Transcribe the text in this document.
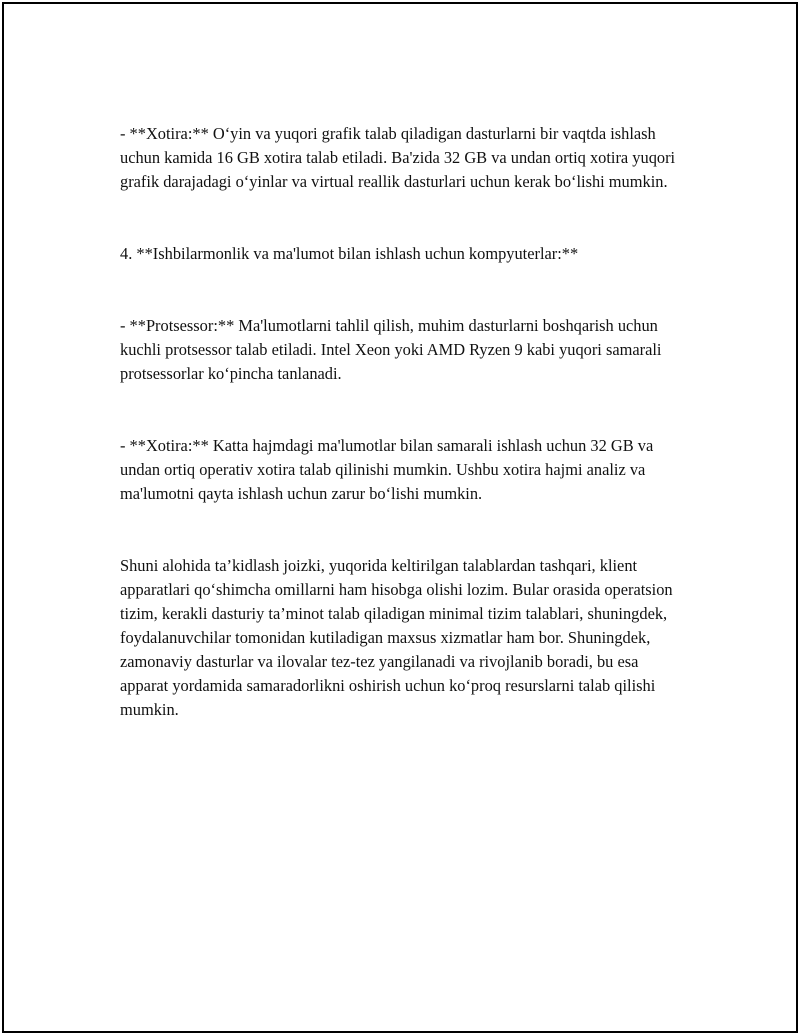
- **Xotira:** O‘yin va yuqori grafik talab qiladigan dasturlarni bir vaqtda ishlash uchun kamida 16 GB xotira talab etiladi. Ba'zida 32 GB va undan ortiq xotira yuqori grafik darajadagi o‘yinlar va virtual reallik dasturlari uchun kerak bo‘lishi mumkin.

4. **Ishbilarmonlik va ma'lumot bilan ishlash uchun kompyuterlar:**

- **Protsessor:** Ma'lumotlarni tahlil qilish, muhim dasturlarni boshqarish uchun kuchli protsessor talab etiladi. Intel Xeon yoki AMD Ryzen 9 kabi yuqori samarali protsessorlar ko‘pincha tanlanadi.

- **Xotira:** Katta hajmdagi ma'lumotlar bilan samarali ishlash uchun 32 GB va undan ortiq operativ xotira talab qilinishi mumkin. Ushbu xotira hajmi analiz va ma'lumotni qayta ishlash uchun zarur bo‘lishi mumkin.

Shuni alohida ta’kidlash joizki, yuqorida keltirilgan talablardan tashqari, klient apparatlari qo‘shimcha omillarni ham hisobga olishi lozim. Bular orasida operatsion tizim, kerakli dasturiy ta’minot talab qiladigan minimal tizim talablari, shuningdek, foydalanuvchilar tomonidan kutiladigan maxsus xizmatlar ham bor. Shuningdek, zamonaviy dasturlar va ilovalar tez-tez yangilanadi va rivojlanib boradi, bu esa apparat yordamida samaradorlikni oshirish uchun ko‘proq resurslarni talab qilishi mumkin.
